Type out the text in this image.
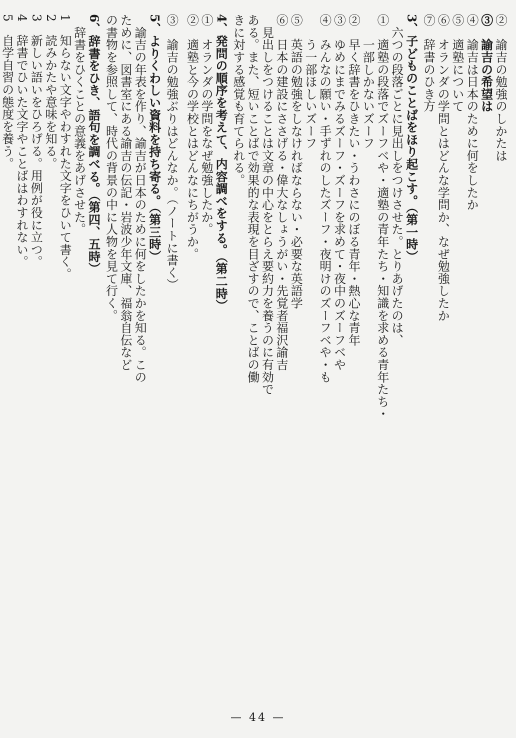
②　諭吉の勉強のしかたは
③　諭吉の希望は
④　諭吉は日本のために何をしたか
⑤　適塾について
⑥　オランダの学問とはどんな学問か、なぜ勉強したか
⑦　辞書のひき方
3、子どものことばをほり起こす。（第一時）
　六つの段落ごとに見出しをつけさせた。とりあげたのは、
①　適塾の段落でズーフベや・適塾の青年たち・知識を求める青年たち・
　　一部しかないズーフ
②　早く辞書をひきたい・うわさにのぼる青年・熱心な青年
③　ゆめにまでみるズーフ・ズーフを求めて・夜中のズーフベや
④　みんなの願い・手ずれのしたズーフ・夜明けのズーフベや・も
　　う一部ほしいズーフ
⑤　英語の勉強をしなければならない・必要な英語学
⑥　日本の建設にささげる・偉大なしょうがい・先覚者福沢諭吉
　見出しをつけることは文章の中心をとらえ要約力を養うのに有効で
ある。また、短いことばで効果的な表現を目ざすので、ことばの働
きに対する感覚も育てられる。
4、発問の順序を考えて、内容調べをする。（第二時）
①　オランダの学問をなぜ勉強したか。
②　適塾と今の学校とはどんなにちがうか。
③　諭吉の勉強ぶりはどんなか。（ノートに書く）
5、よりくわしい資料を持ち寄る。（第三時）
　諭吉の年表を作り、諭吉が日本のために何をしたかを知る。この
ために、図書室にある諭吉の伝記・岩波少年文庫、福翁自伝など
の書物を参照して、時代の背景の中に人物を見て行く。
6、辞書をひき、語句を調べる。（第四、五時）
　辞書をひくことの意義をあげさせた。
1　知らない文字やわすれた文字をひいて書く。
2　読みかたや意味を知る。
3　新しい語いをひろげる。用例が役に立つ。
4　辞書でひいた文字やことばはわすれない。
5　自学自習の態度を養う。
— 44 —
